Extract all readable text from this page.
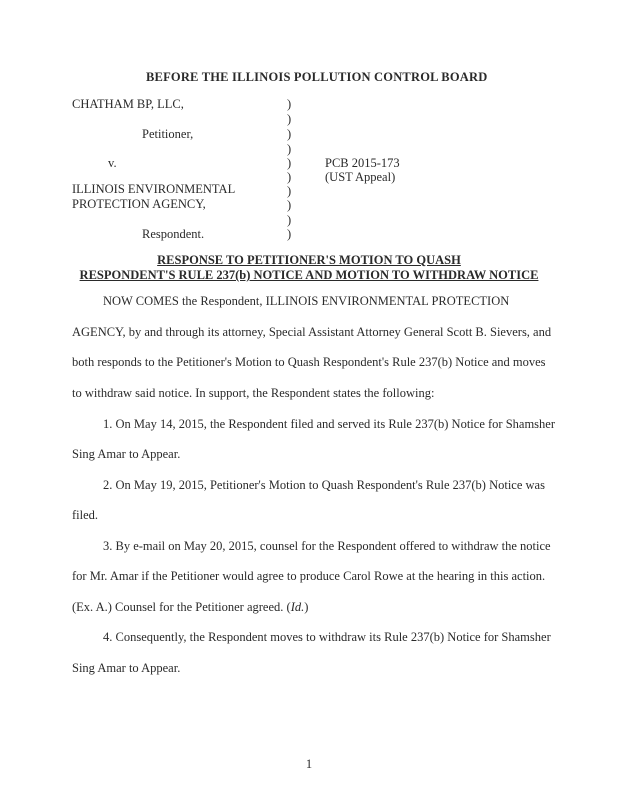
BEFORE THE ILLINOIS POLLUTION CONTROL BOARD
CHATHAM BP, LLC,
Petitioner,
v.
ILLINOIS ENVIRONMENTAL
PROTECTION AGENCY,
Respondent.
)
)
)
)
)
)
)
)
)
)
PCB 2015-173
(UST Appeal)
RESPONSE TO PETITIONER'S MOTION TO QUASH
RESPONDENT'S RULE 237(b) NOTICE AND MOTION TO WITHDRAW NOTICE
NOW COMES the Respondent, ILLINOIS ENVIRONMENTAL PROTECTION
AGENCY, by and through its attorney, Special Assistant Attorney General Scott B. Sievers, and
both responds to the Petitioner's Motion to Quash Respondent's Rule 237(b) Notice and moves
to withdraw said notice. In support, the Respondent states the following:
1. On May 14, 2015, the Respondent filed and served its Rule 237(b) Notice for Shamsher
Sing Amar to Appear.
2. On May 19, 2015, Petitioner's Motion to Quash Respondent's Rule 237(b) Notice was
filed.
3. By e-mail on May 20, 2015, counsel for the Respondent offered to withdraw the notice
for Mr. Amar if the Petitioner would agree to produce Carol Rowe at the hearing in this action.
(Ex. A.) Counsel for the Petitioner agreed. (Id.)
4. Consequently, the Respondent moves to withdraw its Rule 237(b) Notice for Shamsher
Sing Amar to Appear.
1
